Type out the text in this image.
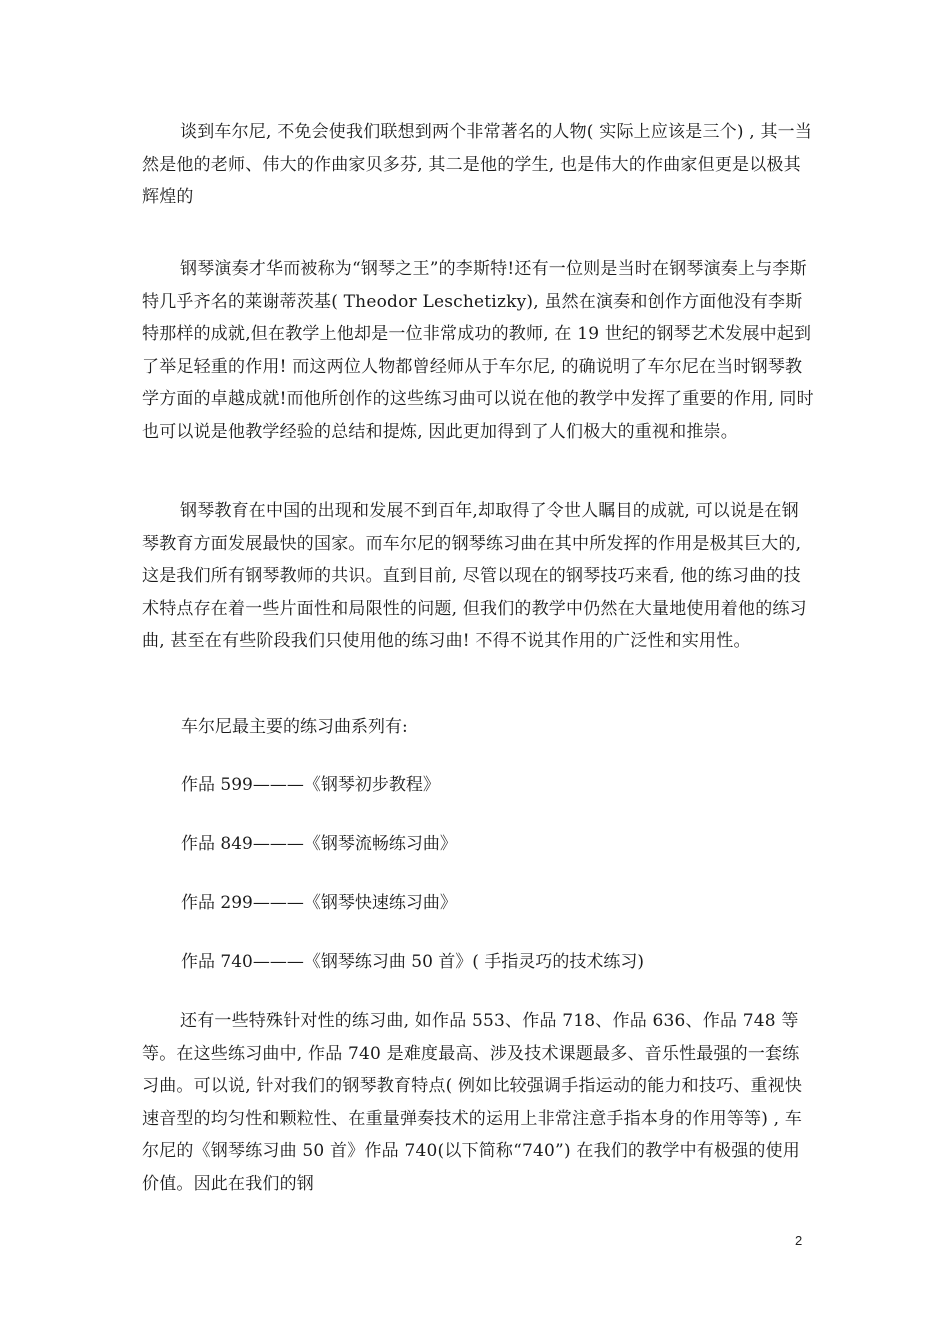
谈到车尔尼, 不免会使我们联想到两个非常著名的人物( 实际上应该是三个) , 其一当然是他的老师、伟大的作曲家贝多芬, 其二是他的学生, 也是伟大的作曲家但更是以极其辉煌的

钢琴演奏才华而被称为“钢琴之王”的李斯特!还有一位则是当时在钢琴演奏上与李斯特几乎齐名的莱谢蒂茨基( Theodor Leschetizky), 虽然在演奏和创作方面他没有李斯特那样的成就,但在教学上他却是一位非常成功的教师, 在 19 世纪的钢琴艺术发展中起到了举足轻重的作用! 而这两位人物都曾经师从于车尔尼, 的确说明了车尔尼在当时钢琴教学方面的卓越成就!而他所创作的这些练习曲可以说在他的教学中发挥了重要的作用, 同时也可以说是他教学经验的总结和提炼, 因此更加得到了人们极大的重视和推崇。

钢琴教育在中国的出现和发展不到百年,却取得了令世人瞩目的成就, 可以说是在钢琴教育方面发展最快的国家。而车尔尼的钢琴练习曲在其中所发挥的作用是极其巨大的, 这是我们所有钢琴教师的共识。直到目前, 尽管以现在的钢琴技巧来看, 他的练习曲的技术特点存在着一些片面性和局限性的问题, 但我们的教学中仍然在大量地使用着他的练习曲, 甚至在有些阶段我们只使用他的练习曲! 不得不说其作用的广泛性和实用性。

车尔尼最主要的练习曲系列有:

作品 599———《钢琴初步教程》

作品 849———《钢琴流畅练习曲》

作品 299———《钢琴快速练习曲》

作品 740———《钢琴练习曲 50 首》( 手指灵巧的技术练习)

还有一些特殊针对性的练习曲, 如作品 553、作品 718、作品 636、作品 748 等等。在这些练习曲中, 作品 740 是难度最高、涉及技术课题最多、音乐性最强的一套练习曲。可以说, 针对我们的钢琴教育特点( 例如比较强调手指运动的能力和技巧、重视快速音型的均匀性和颗粒性、在重量弹奏技术的运用上非常注意手指本身的作用等等) , 车尔尼的《钢琴练习曲 50 首》作品 740(以下简称“740”) 在我们的教学中有极强的使用价值。因此在我们的钢

2
